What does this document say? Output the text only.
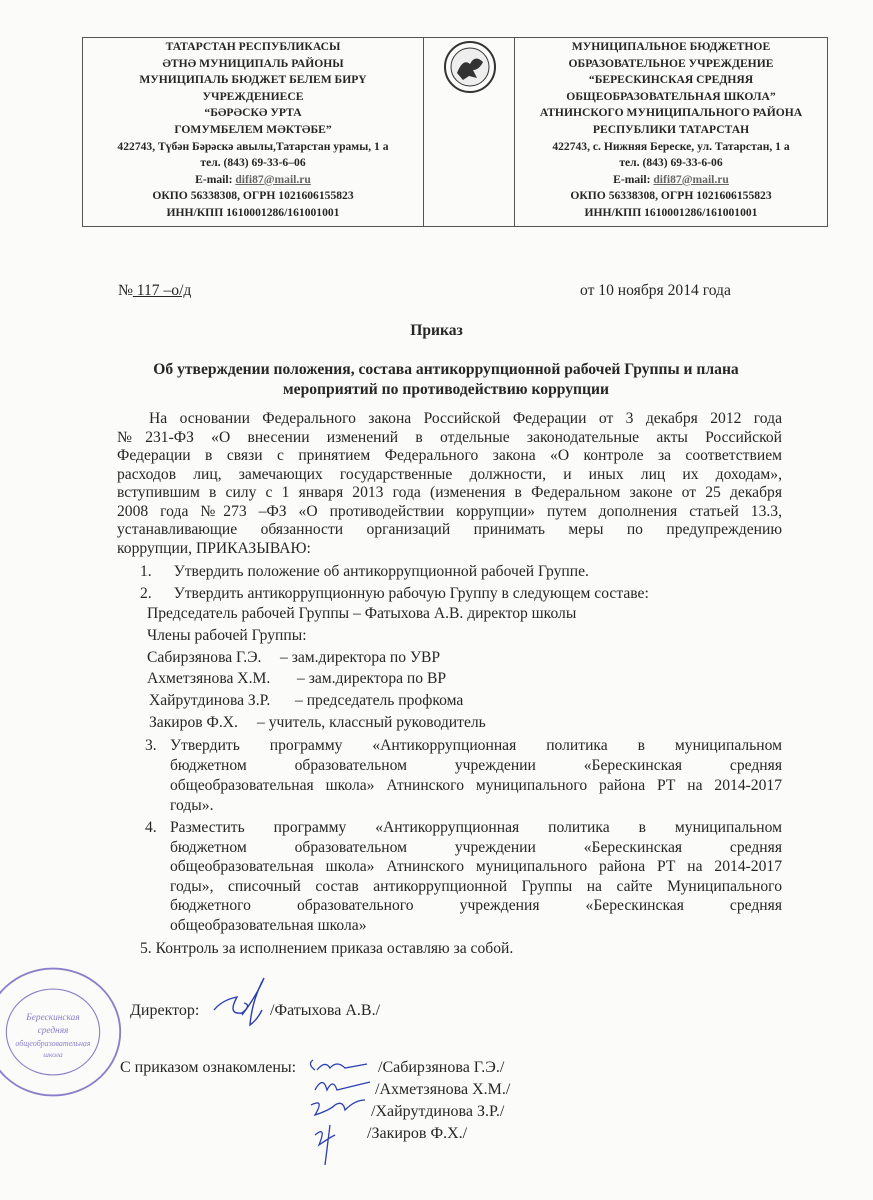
ТАТАРСТАН РЕСПУБЛИКАСЫ
ӘТНӘ МУНИЦИПАЛЬ РАЙОНЫ
МУНИЦИПАЛЬ БЮДЖЕТ БЕЛЕМ БИРҮ
УЧРЕЖДЕНИЕСЕ
“БӘРӘСКӘ УРТА
ГОМУМБЕЛЕМ МӘКТӘБЕ”
422743, Түбән Бәрәскә авылы,Татарстан урамы, 1 а
тел. (843) 69-33-6–06
E-mail: difi87@mail.ru
ОКПО 56338308, ОГРН 1021606155823
ИНН/КПП 1610001286/161001001
МУНИЦИПАЛЬНОЕ БЮДЖЕТНОЕ
ОБРАЗОВАТЕЛЬНОЕ УЧРЕЖДЕНИЕ
“БЕРЕСКИНСКАЯ СРЕДНЯЯ
ОБЩЕОБРАЗОВАТЕЛЬНАЯ ШКОЛА”
АТНИНСКОГО МУНИЦИПАЛЬНОГО РАЙОНА
РЕСПУБЛИКИ ТАТАРСТАН
422743, с. Нижняя Береске, ул. Татарстан, 1 а
тел. (843) 69-33-6-06
E-mail: difi87@mail.ru
ОКПО 56338308, ОГРН 1021606155823
ИНН/КПП 1610001286/161001001
№ 117 –о/д	от 10 ноября 2014 года
Приказ
Об утверждении положения, состава антикоррупционной рабочей Группы и плана
мероприятий по противодействию коррупции
На основании Федерального закона Российской Федерации от 3 декабря 2012 года
№231-ФЗ «О внесении изменений в отдельные законодательные акты Российской
Федерации в связи с принятием Федерального закона «О контроле за соответствием
расходов лиц, замечающих государственные должности, и иных лиц их доходам»,
вступившим в силу с 1 января 2013 года (изменения в Федеральном законе от 25 декабря
2008 года №273 –ФЗ «О противодействии коррупции» путем дополнения статьей 13.3,
устанавливающие обязанности организаций принимать меры по предупреждению
коррупции, ПРИКАЗЫВАЮ:
1. Утвердить положение об антикоррупционной рабочей Группе.
2. Утвердить антикоррупционную рабочую Группу в следующем составе:
Председатель рабочей Группы – Фатыхова А.В. директор школы
Члены рабочей Группы:
Сабирзянова Г.Э. – зам.директора по УВР
Ахметзянова Х.М. – зам.директора по ВР
Хайрутдинова З.Р. – председатель профкома
Закиров Ф.Х. – учитель, классный руководитель
3. Утвердить программу «Антикоррупционная политика в муниципальном
бюджетном образовательном учреждении «Берескинская средняя
общеобразовательная школа» Атнинского муниципального района РТ на 2014-2017
годы».
4. Разместить программу «Антикоррупционная политика в муниципальном
бюджетном образовательном учреждении «Берескинская средняя
общеобразовательная школа» Атнинского муниципального района РТ на 2014-2017
годы», списочный состав антикоррупционной Группы на сайте Муниципального
бюджетного образовательного учреждения «Берескинская средняя
общеобразовательная школа»
5. Контроль за исполнением приказа оставляю за собой.
Берескинская
средняя
общеобразовательная
школа
Директор:	/Фатыхова А.В./
С приказом ознакомлены:	/Сабирзянова Г.Э./
/Ахметзянова Х.М./
/Хайрутдинова З.Р./
/Закиров Ф.Х./
